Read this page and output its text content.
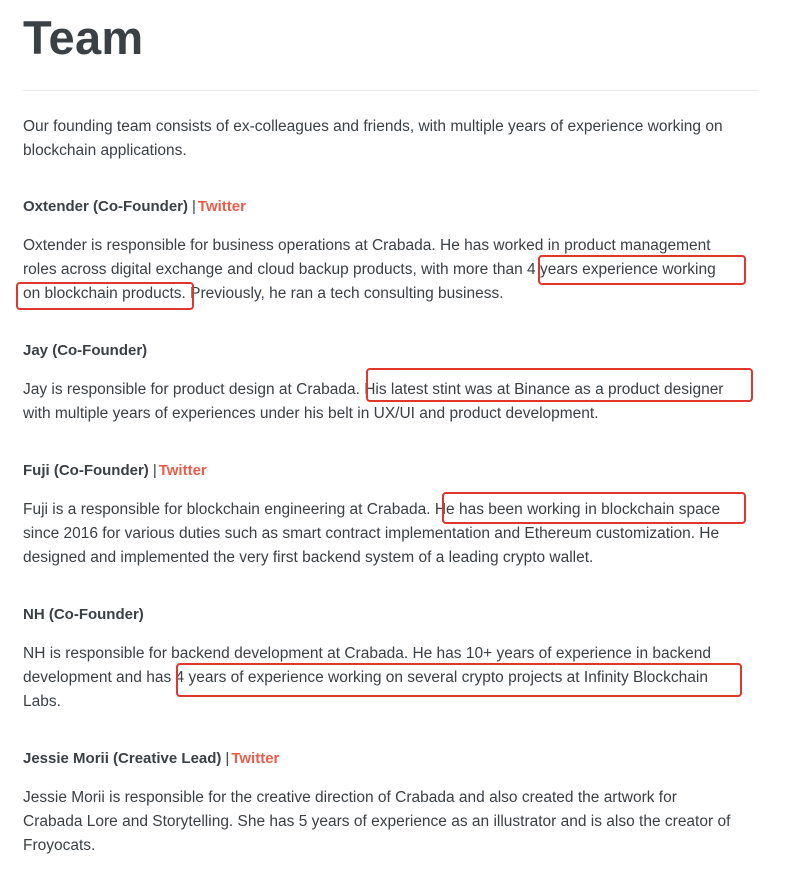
Team

Our founding team consists of ex-colleagues and friends, with multiple years of experience working on blockchain applications.

Oxtender (Co-Founder) | Twitter

Oxtender is responsible for business operations at Crabada. He has worked in product management
roles across digital exchange and cloud backup products, with more than 4 years experience working
on blockchain products. Previously, he ran a tech consulting business.

Jay (Co-Founder)

Jay is responsible for product design at Crabada. His latest stint was at Binance as a product designer
with multiple years of experiences under his belt in UX/UI and product development.

Fuji (Co-Founder) | Twitter

Fuji is a responsible for blockchain engineering at Crabada. He has been working in blockchain space
since 2016 for various duties such as smart contract implementation and Ethereum customization. He
designed and implemented the very first backend system of a leading crypto wallet.

NH (Co-Founder)

NH is responsible for backend development at Crabada. He has 10+ years of experience in backend
development and has 4 years of experience working on several crypto projects at Infinity Blockchain
Labs.

Jessie Morii (Creative Lead) | Twitter

Jessie Morii is responsible for the creative direction of Crabada and also created the artwork for
Crabada Lore and Storytelling. She has 5 years of experience as an illustrator and is also the creator of
Froyocats.
